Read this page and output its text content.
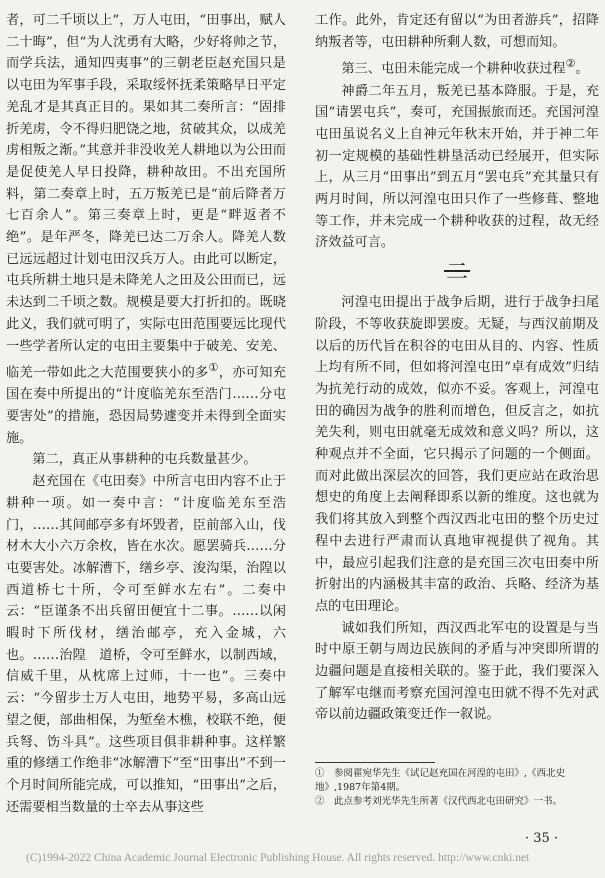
者，可二千顷以上”，万人屯田，“田事出，赋人二十晦”，但“为人沈勇有大略，少好将帅之节，而学兵法，通知四夷事”的三朝老臣赵充国只是以屯田为军事手段，采取绥怀抚柔策略早日平定羌乱才是其真正目的。果如其二奏所言：“固排折羌虏，令不得归肥饶之地，贫破其众，以成羌虏相叛之渐。”其意并非没收羌人耕地以为公田而是促使羌人早日投降，耕种故田。不出充国所料，第二奏章上时，五万叛羌已是“前后降者万七百余人”。第三奏章上时，更是“畔返者不绝”。是年严冬，降羌已达二万余人。降羌人数已远远超过计划屯田汉兵万人。由此可以断定，屯兵所耕土地只是未降羌人之田及公田而已，远未达到二千顷之数。规模是要大打折扣的。既晓此义，我们就可明了，实际屯田范围要远比现代一些学者所认定的屯田主要集中于破羌、安羌、临羌一带如此之大范围要狭小的多①，亦可知充国在奏中所提出的“计度临羌东至浩门……分屯要害处”的措施，恐因局势遽变并未得到全面实施。

第二，真正从事耕种的屯兵数量甚少。

赵充国在《屯田奏》中所言屯田内容不止于耕种一项。如一奏中言：“计度临羌东至浩门，……其间邮亭多有坏毁者，臣前部入山，伐材木大小六万余枚，皆在水次。愿罢骑兵……分屯要害处。冰解漕下，缮乡亭、浚沟渠，治隍以西道桥七十所，令可至鲜水左右”。二奏中云：“臣谨条不出兵留田便宜十二事。……以闲暇时下所伐材，缮治邮亭，充入金城，六也。……治隍　道桥，令可至鲜水，以制西域，信威千里，从枕席上过师，十一也”。三奏中云：“今留步士万人屯田，地势平易，多高山远望之便，部曲相保，为堑垒木樵，校联不绝，便兵弩、饬斗具”。这些项目俱非耕种事。这样繁重的修缮工作绝非“冰解漕下”至“田事出”不到一个月时间所能完成，可以推知，“田事出”之后，还需要相当数量的士卒去从事这些

工作。此外，肯定还有留以“为田者游兵”，招降纳叛者等，屯田耕种所剩人数，可想而知。

第三、屯田未能完成一个耕种收获过程②。

神爵二年五月，叛羌已基本降服。于是，充国“请罢屯兵”，奏可，充国振旅而还。充国河湟屯田虽说名义上自神元年秋末开始，并于神二年初一定规模的基础性耕垦活动已经展开，但实际上，从三月“田事出”到五月“罢屯兵”充其量只有两月时间，所以河湟屯田只作了一些修葺、整地等工作，并未完成一个耕种收获的过程，故无经济效益可言。

二

河湟屯田提出于战争后期，进行于战争扫尾阶段，不等收获旋即罢废。无疑，与西汉前期及以后的历代旨在积谷的屯田从目的、内容、性质上均有所不同，但如将河湟屯田“卓有成效”归结为抗羌行动的成效，似亦不妥。客观上，河湟屯田的确因为战争的胜利而增色，但反言之，如抗羌失利，则屯田就毫无成效和意义吗？所以，这种观点并不全面，它只揭示了问题的一个侧面。而对此做出深层次的回答，我们更应站在政治思想史的角度上去阐释即系以新的维度。这也就为我们将其放入到整个西汉西北屯田的整个历史过程中去进行严肃而认真地审视提供了视角。其中，最应引起我们注意的是充国三次屯田奏中所折射出的内涵极其丰富的政治、兵略、经济为基点的屯田理论。

诚如我们所知，西汉西北军屯的设置是与当时中原王朝与周边民族间的矛盾与冲突即所谓的边疆问题是直接相关联的。鉴于此，我们要深入了解军屯继而考察充国河湟屯田就不得不先对武帝以前边疆政策变迁作一叙说。

①　参阅翟宛华先生《试记赵充国在河湟的屯田》,《西北史地》,1987年第4期。

②　此点参考刘光华先生所著《汉代西北屯田研究》一书。

· 35 ·
(C)1994-2022 China Academic Journal Electronic Publishing House. All rights reserved. http://www.cnki.net
